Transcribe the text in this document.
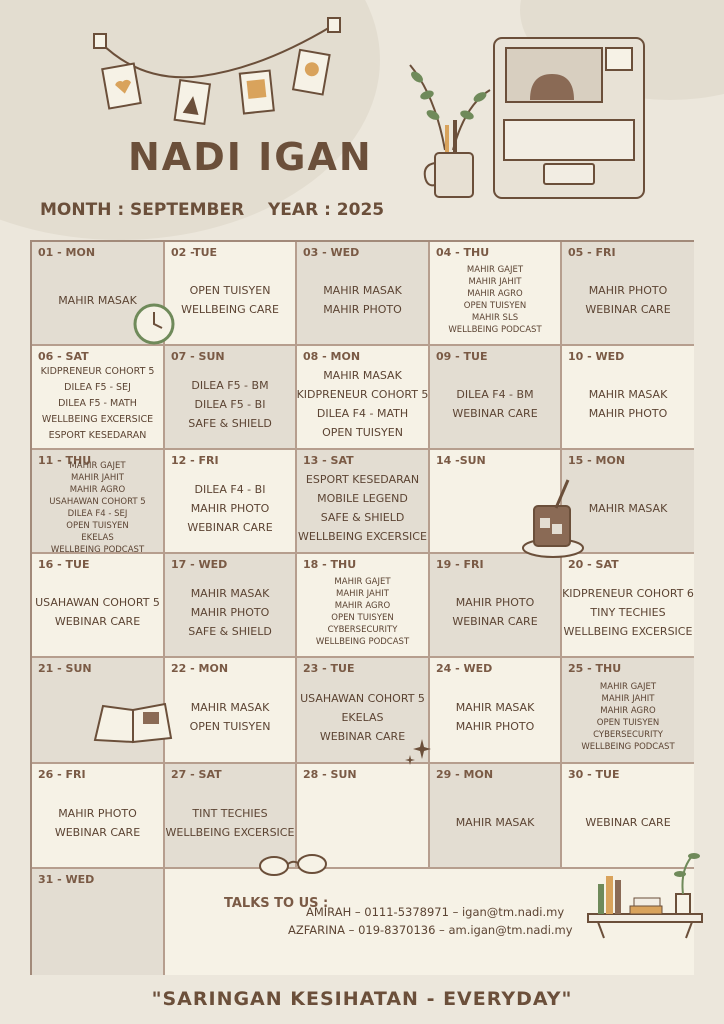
NADI IGAN
MONTH : SEPTEMBER YEAR : 2025
01 - MON
MAHIR MASAK
02 -TUE
OPEN TUISYEN
WELLBEING CARE
03 - WED
MAHIR MASAK
MAHIR PHOTO
04 - THU
MAHIR GAJET
MAHIR JAHIT
MAHIR AGRO
OPEN TUISYEN
MAHIR SLS
WELLBEING PODCAST
05 - FRI
MAHIR PHOTO
WEBINAR CARE
06 - SAT
KIDPRENEUR COHORT 5
DILEA F5 - SEJ
DILEA F5 - MATH
WELLBEING EXCERSICE
ESPORT KESEDARAN
07 - SUN
DILEA F5 - BM
DILEA F5 - BI
SAFE & SHIELD
08 - MON
MAHIR MASAK
KIDPRENEUR COHORT 5
DILEA F4 - MATH
OPEN TUISYEN
09 - TUE
DILEA F4 - BM
WEBINAR CARE
10 - WED
MAHIR MASAK
MAHIR PHOTO
11 - THU
MAHIR GAJET
MAHIR JAHIT
MAHIR AGRO
USAHAWAN COHORT 5
DILEA F4 - SEJ
OPEN TUISYEN
EKELAS
WELLBEING PODCAST
12 - FRI
DILEA F4 - BI
MAHIR PHOTO
WEBINAR CARE
13 - SAT
ESPORT KESEDARAN
MOBILE LEGEND
SAFE & SHIELD
WELLBEING EXCERSICE
14 -SUN	15 - MON
MAHIR MASAK
16 - TUE
USAHAWAN COHORT 5
WEBINAR CARE
17 - WED
MAHIR MASAK
MAHIR PHOTO
SAFE & SHIELD
18 - THU
MAHIR GAJET
MAHIR JAHIT
MAHIR AGRO
OPEN TUISYEN
CYBERSECURITY
WELLBEING PODCAST
19 - FRI
MAHIR PHOTO
WEBINAR CARE
20 - SAT
KIDPRENEUR COHORT 6
TINY TECHIES
WELLBEING EXCERSICE
21 - SUN	22 - MON
MAHIR MASAK
OPEN TUISYEN
23 - TUE
USAHAWAN COHORT 5
EKELAS
WEBINAR CARE
24 - WED
MAHIR MASAK
MAHIR PHOTO
25 - THU
MAHIR GAJET
MAHIR JAHIT
MAHIR AGRO
OPEN TUISYEN
CYBERSECURITY
WELLBEING PODCAST
26 - FRI
MAHIR PHOTO
WEBINAR CARE
27 - SAT
TINT TECHIES
WELLBEING EXCERSICE
28 - SUN	29 - MON
MAHIR MASAK
30 - TUE
WEBINAR CARE
31 - WED
TALKS TO US :
AMIRAH – 0111-5378971 – igan@tm.nadi.my
AZFARINA – 019-8370136 – am.igan@tm.nadi.my
"SARINGAN KESIHATAN - EVERYDAY"
